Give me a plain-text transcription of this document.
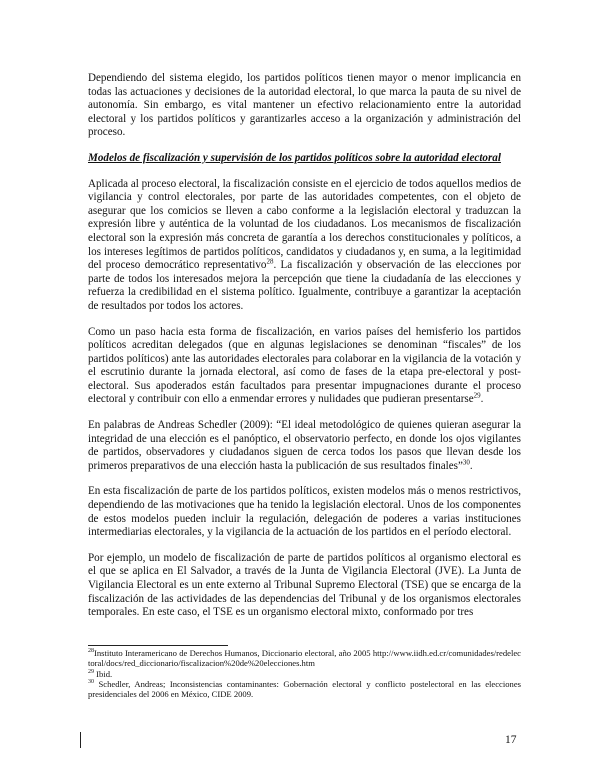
Dependiendo del sistema elegido, los partidos políticos tienen mayor o menor implicancia en todas las actuaciones y decisiones de la autoridad electoral, lo que marca la pauta de su nivel de autonomía. Sin embargo, es vital mantener un efectivo relacionamiento entre la autoridad electoral y los partidos políticos y garantizarles acceso a la organización y administración del proceso.

Modelos de fiscalización y supervisión de los partidos políticos sobre la autoridad electoral

Aplicada al proceso electoral, la fiscalización consiste en el ejercicio de todos aquellos medios de vigilancia y control electorales, por parte de las autoridades competentes, con el objeto de asegurar que los comicios se lleven a cabo conforme a la legislación electoral y traduzcan la expresión libre y auténtica de la voluntad de los ciudadanos. Los mecanismos de fiscalización electoral son la expresión más concreta de garantía a los derechos constitucionales y políticos, a los intereses legítimos de partidos políticos, candidatos y ciudadanos y, en suma, a la legitimidad del proceso democrático representativo$^{28}$. La fiscalización y observación de las elecciones por parte de todos los interesados mejora la percepción que tiene la ciudadanía de las elecciones y refuerza la credibilidad en el sistema político. Igualmente, contribuye a garantizar la aceptación de resultados por todos los actores.

Como un paso hacia esta forma de fiscalización, en varios países del hemisferio los partidos políticos acreditan delegados (que en algunas legislaciones se denominan “fiscales” de los partidos políticos) ante las autoridades electorales para colaborar en la vigilancia de la votación y el escrutinio durante la jornada electoral, así como de fases de la etapa pre-electoral y post-electoral. Sus apoderados están facultados para presentar impugnaciones durante el proceso electoral y contribuir con ello a enmendar errores y nulidades que pudieran presentarse$^{29}$.

En palabras de Andreas Schedler (2009): “El ideal metodológico de quienes quieran asegurar la integridad de una elección es el panóptico, el observatorio perfecto, en donde los ojos vigilantes de partidos, observadores y ciudadanos siguen de cerca todos los pasos que llevan desde los primeros preparativos de una elección hasta la publicación de sus resultados finales”$^{30}$.

En esta fiscalización de parte de los partidos políticos, existen modelos más o menos restrictivos, dependiendo de las motivaciones que ha tenido la legislación electoral. Unos de los componentes de estos modelos pueden incluir la regulación, delegación de poderes a varias instituciones intermediarias electorales, y la vigilancia de la actuación de los partidos en el período electoral.

Por ejemplo, un modelo de fiscalización de parte de partidos políticos al organismo electoral es el que se aplica en El Salvador, a través de la Junta de Vigilancia Electoral (JVE). La Junta de Vigilancia Electoral es un ente externo al Tribunal Supremo Electoral (TSE) que se encarga de la fiscalización de las actividades de las dependencias del Tribunal y de los organismos electorales temporales. En este caso, el TSE es un organismo electoral mixto, conformado por tres

$^{28}$Instituto Interamericano de Derechos Humanos, Diccionario electoral, año 2005 http://www.iidh.ed.cr/comunidades/redelectoral/docs/red_diccionario/fiscalizacion%20de%20elecciones.htm

$^{29}$ Ibid.

$^{30}$ Schedler, Andreas; Inconsistencias contaminantes: Gobernación electoral y conflicto postelectoral en las elecciones presidenciales del 2006 en México, CIDE 2009.

17
